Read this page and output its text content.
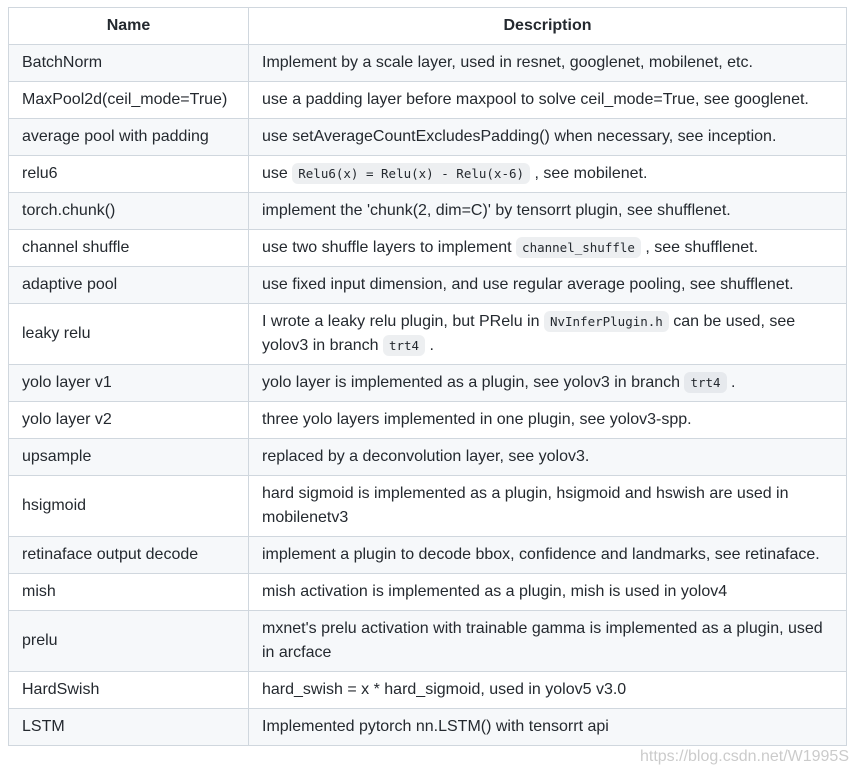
Name	Description
BatchNorm	Implement by a scale layer, used in resnet, googlenet, mobilenet, etc.
MaxPool2d(ceil_mode=True)	use a padding layer before maxpool to solve ceil_mode=True, see googlenet.
average pool with padding	use setAverageCountExcludesPadding() when necessary, see inception.
relu6	use Relu6(x) = Relu(x) - Relu(x-6) , see mobilenet.
torch.chunk()	implement the 'chunk(2, dim=C)' by tensorrt plugin, see shufflenet.
channel shuffle	use two shuffle layers to implement channel_shuffle , see shufflenet.
adaptive pool	use fixed input dimension, and use regular average pooling, see shufflenet.
leaky relu	I wrote a leaky relu plugin, but PRelu in NvInferPlugin.h can be used, see yolov3 in branch trt4 .
yolo layer v1	yolo layer is implemented as a plugin, see yolov3 in branch trt4 .
yolo layer v2	three yolo layers implemented in one plugin, see yolov3-spp.
upsample	replaced by a deconvolution layer, see yolov3.
hsigmoid	hard sigmoid is implemented as a plugin, hsigmoid and hswish are used in mobilenetv3
retinaface output decode	implement a plugin to decode bbox, confidence and landmarks, see retinaface.
mish	mish activation is implemented as a plugin, mish is used in yolov4
prelu	mxnet's prelu activation with trainable gamma is implemented as a plugin, used in arcface
HardSwish	hard_swish = x * hard_sigmoid, used in yolov5 v3.0
LSTM	Implemented pytorch nn.LSTM() with tensorrt api
https://blog.csdn.net/W1995S
